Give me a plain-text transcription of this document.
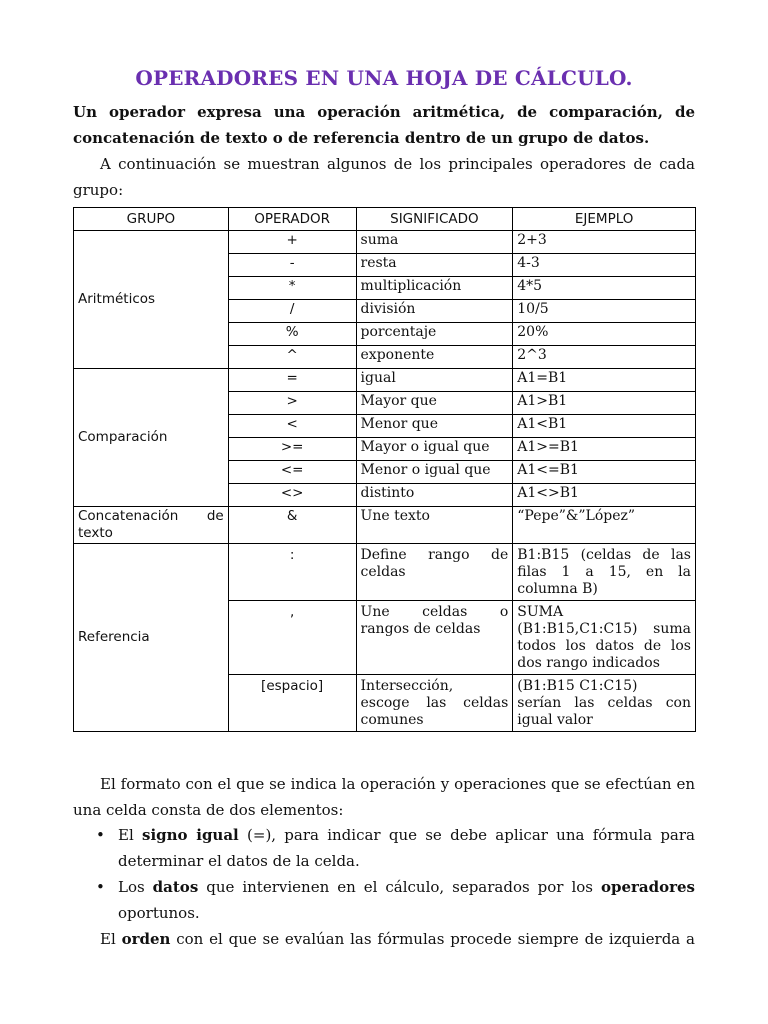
OPERADORES EN UNA HOJA DE CÁLCULO.
Un operador expresa una operación aritmética, de comparación, de
concatenación de texto o de referencia dentro de un grupo de datos.
A continuación se muestran algunos de los principales operadores de cada
grupo:
GRUPO	OPERADOR	SIGNIFICADO	EJEMPLO
Aritméticos	+	suma	2+3
	-	resta	4-3
	*	multiplicación	4*5
	/	división	10/5
	%	porcentaje	20%
	^	exponente	2^3
Comparación	=	igual	A1=B1
	>	Mayor que	A1>B1
	<	Menor que	A1<B1
	>=	Mayor o igual que	A1>=B1
	<=	Menor o igual que	A1<=B1
	<>	distinto	A1<>B1

Concatenación de
texto	&	Une texto	“Pepe”&”López”
Referencia	:	Define rango de
celdas	B1:B15 (celdas de las
filas 1 a 15, en la
columna B)

	,	Une celdas o
rangos de celdas	SUMA
(B1:B15,C1:C15) suma
todos los datos de los
dos rango indicados

	[espacio]	Intersección,
escoge las celdas
comunes	(B1:B15 C1:C15)
serían las celdas con
igual valor
El formato con el que se indica la operación y operaciones que se efectúan en
una celda consta de dos elementos:
• El signo igual (=), para indicar que se debe aplicar una fórmula para
determinar el datos de la celda.
• Los datos que intervienen en el cálculo, separados por los operadores
oportunos.
El orden con el que se evalúan las fórmulas procede siempre de izquierda a
